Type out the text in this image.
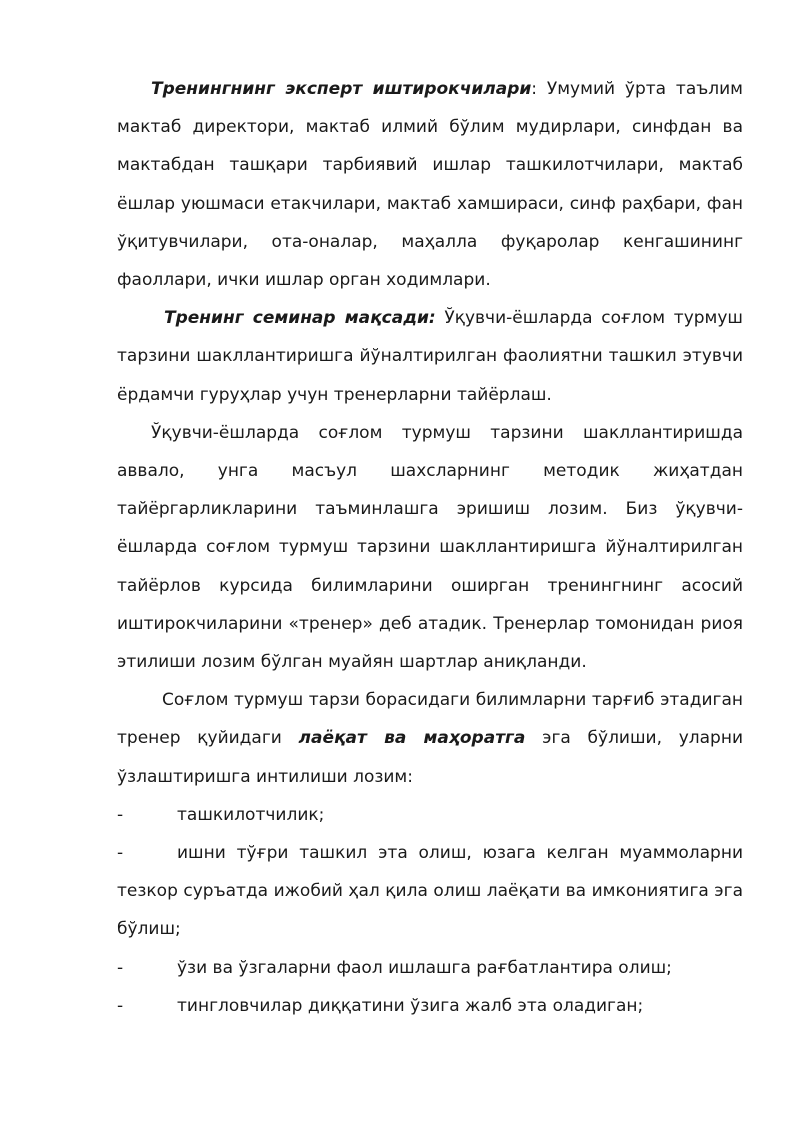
Тренингнинг эксперт иштирокчилари: Умумий ўрта таълим мактаб директори, мактаб илмий бўлим мудирлари, синфдан ва мактабдан ташқари тарбиявий ишлар ташкилотчилари, мактаб ёшлар уюшмаси етакчилари, мактаб хамшираси, синф раҳбари, фан ўқитувчилари, ота-оналар, маҳалла фуқаролар кенгашининг фаоллари, ички ишлар орган ходимлари.

Тренинг семинар мақсади: Ўқувчи-ёшларда соғлом турмуш тарзини шакллантиришга йўналтирилган фаолиятни ташкил этувчи ёрдамчи гуруҳлар учун тренерларни тайёрлаш.

Ўқувчи-ёшларда соғлом турмуш тарзини шакллантиришда аввало, унга масъул шахсларнинг методик жиҳатдан тайёргарликларини таъминлашга эришиш лозим. Биз ўқувчи-ёшларда соғлом турмуш тарзини шакллантиришга йўналтирилган тайёрлов курсида билимларини оширган тренингнинг асосий иштирокчиларини «тренер» деб атадик. Тренерлар томонидан риоя этилиши лозим бўлган муайян шартлар аниқланди.

Соғлом турмуш тарзи борасидаги билимларни тарғиб этадиган тренер қуйидаги лаёқат ва маҳоратга эга бўлиши, уларни ўзлаштиришга интилиши лозим:

-	ташкилотчилик;

-	ишни тўғри ташкил эта олиш, юзага келган муаммоларни тезкор суръатда ижобий ҳал қила олиш лаёқати ва имкониятига эга бўлиш;

-	ўзи ва ўзгаларни фаол ишлашга рағбатлантира олиш;

-	тингловчилар диққатини ўзига жалб эта оладиган;
